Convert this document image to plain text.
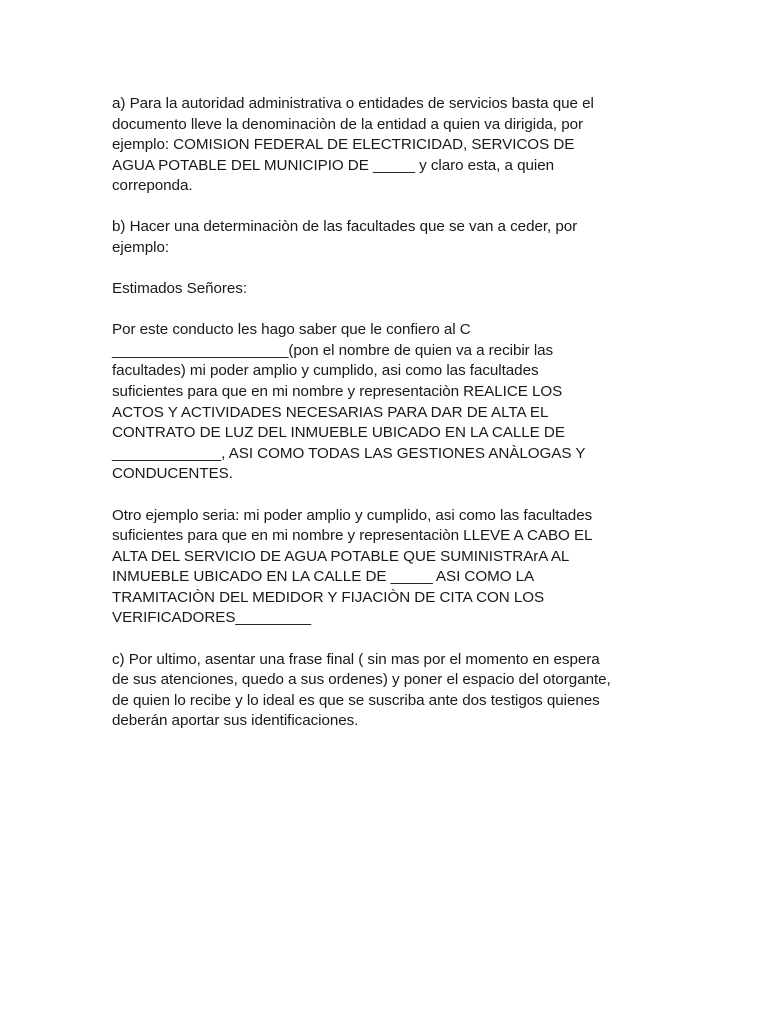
a) Para la autoridad administrativa o entidades de servicios basta que el
documento lleve la denominaciòn de la entidad a quien va dirigida, por
ejemplo: COMISION FEDERAL DE ELECTRICIDAD, SERVICOS DE
AGUA POTABLE DEL MUNICIPIO DE _____ y claro esta, a quien
correponda.

b) Hacer una determinaciòn de las facultades que se van a ceder, por
ejemplo:

Estimados Señores:

Por este conducto les hago saber que le confiero al C
_____________________(pon el nombre de quien va a recibir las
facultades) mi poder amplio y cumplido, asi como las facultades
suficientes para que en mi nombre y representaciòn REALICE LOS
ACTOS Y ACTIVIDADES NECESARIAS PARA DAR DE ALTA EL
CONTRATO DE LUZ DEL INMUEBLE UBICADO EN LA CALLE DE
_____________, ASI COMO TODAS LAS GESTIONES ANÀLOGAS Y
CONDUCENTES.

Otro ejemplo seria: mi poder amplio y cumplido, asi como las facultades
suficientes para que en mi nombre y representaciòn LLEVE A CABO EL
ALTA DEL SERVICIO DE AGUA POTABLE QUE SUMINISTRArA AL
INMUEBLE UBICADO EN LA CALLE DE _____ ASI COMO LA
TRAMITACIÒN DEL MEDIDOR Y FIJACIÒN DE CITA CON LOS
VERIFICADORES_________

c) Por ultimo, asentar una frase final ( sin mas por el momento en espera
de sus atenciones, quedo a sus ordenes) y poner el espacio del otorgante,
de quien lo recibe y lo ideal es que se suscriba ante dos testigos quienes
deberán aportar sus identificaciones.
